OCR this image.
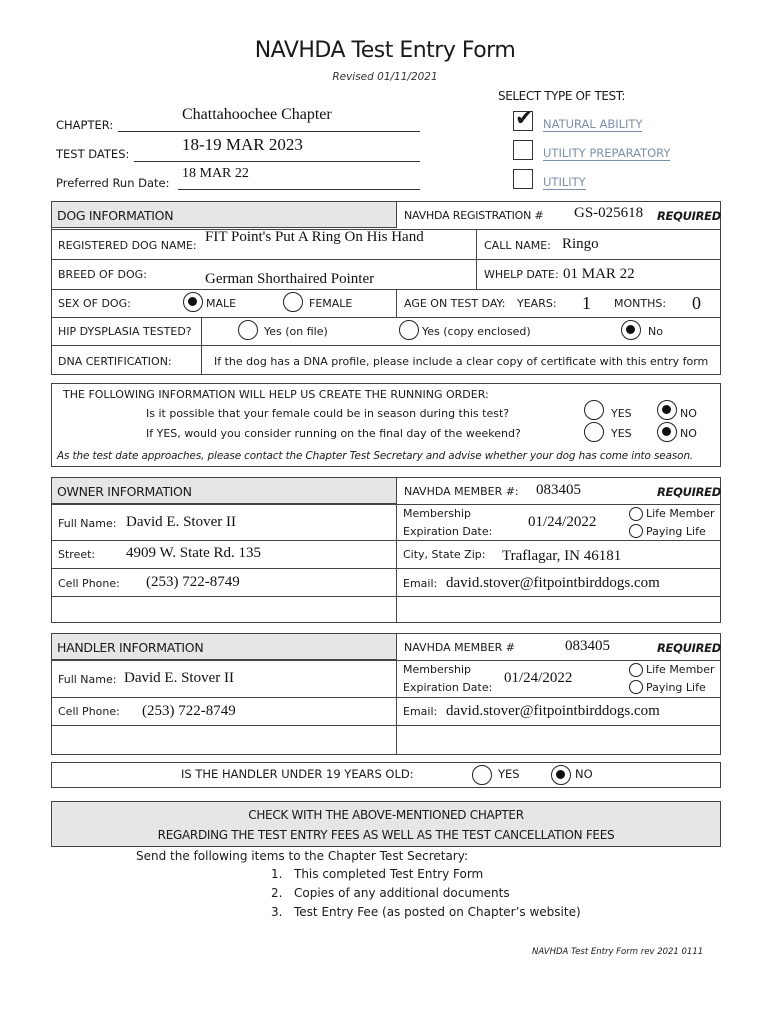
NAVHDA Test Entry Form
Revised 01/11/2021
SELECT TYPE OF TEST:
CHAPTER:
Chattahoochee Chapter
TEST DATES:	18-19 MAR 2023
Preferred Run Date:
18 MAR 22
✔ NATURAL ABILITY
UTILITY PREPARATORY
UTILITY
DOG INFORMATION	NAVHDA REGISTRATION # GS-025618 REQUIRED
REGISTERED DOG NAME:
FIT Point's Put A Ring On His Hand
CALL NAME: Ringo
BREED OF DOG:	German Shorthaired Pointer	WHELP DATE: 01 MAR 22
SEX OF DOG:	MALE	FEMALE	AGE ON TEST DAY: YEARS: 1 MONTHS: 0
HIP DYSPLASIA TESTED?	Yes (on file)	Yes (copy enclosed)	No
DNA CERTIFICATION:	If the dog has a DNA profile, please include a clear copy of certificate with this entry form
THE FOLLOWING INFORMATION WILL HELP US CREATE THE RUNNING ORDER:
Is it possible that your female could be in season during this test?	YES	NO
If YES, would you consider running on the final day of the weekend?	YES	NO
As the test date approaches, please contact the Chapter Test Secretary and advise whether your dog has come into season.
OWNER INFORMATION	NAVHDA MEMBER #: 083405	REQUIRED
Full Name: David E. Stover II
Membership
Expiration Date:
01/24/2022
Life Member
Paying Life
Street: 4909 W. State Rd. 135	City, State Zip: Traflagar, IN 46181
Cell Phone: (253) 722-8749	Email: david.stover@fitpointbirddogs.com
HANDLER INFORMATION	NAVHDA MEMBER #	083405	REQUIRED
Full Name: David E. Stover II
Membership
Expiration Date:
01/24/2022
Life Member
Paying Life
Cell Phone: (253) 722-8749	Email: david.stover@fitpointbirddogs.com
IS THE HANDLER UNDER 19 YEARS OLD:	YES	NO
CHECK WITH THE ABOVE-MENTIONED CHAPTER
REGARDING THE TEST ENTRY FEES AS WELL AS THE TEST CANCELLATION FEES
Send the following items to the Chapter Test Secretary:
1. This completed Test Entry Form
2. Copies of any additional documents
3. Test Entry Fee (as posted on Chapter’s website)
NAVHDA Test Entry Form rev 2021 0111
